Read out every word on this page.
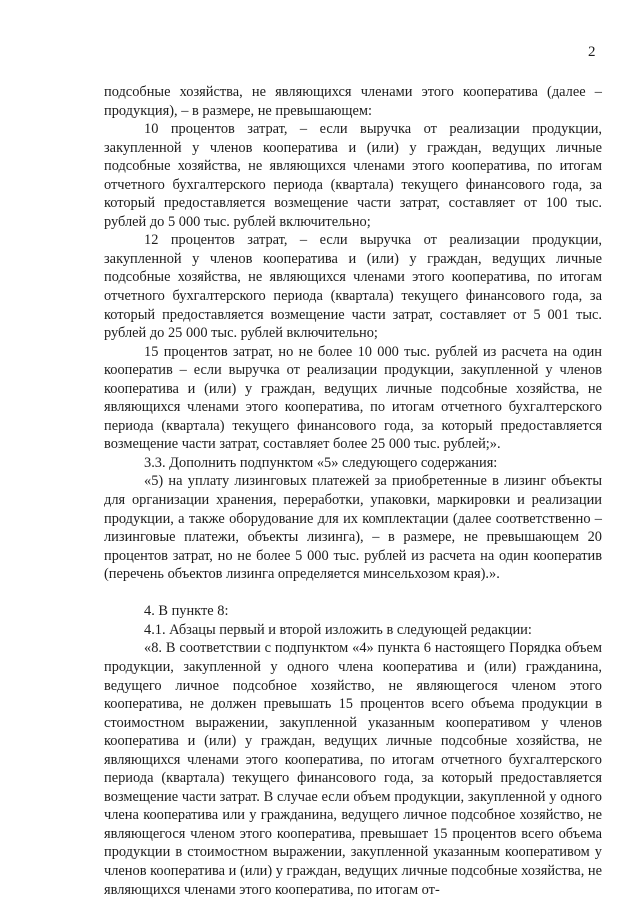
2

подсобные хозяйства, не являющихся членами этого кооператива (далее – продукция), – в размере, не превышающем:

10 процентов затрат, – если выручка от реализации продукции, закупленной у членов кооператива и (или) у граждан, ведущих личные подсобные хозяйства, не являющихся членами этого кооператива, по итогам отчетного бухгалтерского периода (квартала) текущего финансового года, за который предоставляется возмещение части затрат, составляет от 100 тыс. рублей до 5 000 тыс. рублей включительно;

12 процентов затрат, – если выручка от реализации продукции, закупленной у членов кооператива и (или) у граждан, ведущих личные подсобные хозяйства, не являющихся членами этого кооператива, по итогам отчетного бухгалтерского периода (квартала) текущего финансового года, за который предоставляется возмещение части затрат, составляет от 5 001 тыс. рублей до 25 000 тыс. рублей включительно;

15 процентов затрат, но не более 10 000 тыс. рублей из расчета на один кооператив – если выручка от реализации продукции, закупленной у членов кооператива и (или) у граждан, ведущих личные подсобные хозяйства, не являющихся членами этого кооператива, по итогам отчетного бухгалтерского периода (квартала) текущего финансового года, за который предоставляется возмещение части затрат, составляет более 25 000 тыс. рублей;».

3.3. Дополнить подпунктом «5» следующего содержания:

«5) на уплату лизинговых платежей за приобретенные в лизинг объекты для организации хранения, переработки, упаковки, маркировки и реализации продукции, а также оборудование для их комплектации (далее соответственно – лизинговые платежи, объекты лизинга), – в размере, не превышающем 20 процентов затрат, но не более 5 000 тыс. рублей из расчета на один кооператив (перечень объектов лизинга определяется минсельхозом края).».

4. В пункте 8:

4.1. Абзацы первый и второй изложить в следующей редакции:

«8. В соответствии с подпунктом «4» пункта 6 настоящего Порядка объем продукции, закупленной у одного члена кооператива и (или) гражданина, ведущего личное подсобное хозяйство, не являющегося членом этого кооператива, не должен превышать 15 процентов всего объема продукции в стоимостном выражении, закупленной указанным кооперативом у членов кооператива и (или) у граждан, ведущих личные подсобные хозяйства, не являющихся членами этого кооператива, по итогам отчетного бухгалтерского периода (квартала) текущего финансового года, за который предоставляется возмещение части затрат. В случае если объем продукции, закупленной у одного члена кооператива или у гражданина, ведущего личное подсобное хозяйство, не являющегося членом этого кооператива, превышает 15 процентов всего объема продукции в стоимостном выражении, закупленной указанным кооперативом у членов кооператива и (или) у граждан, ведущих личные подсобные хозяйства, не являющихся членами этого кооператива, по итогам от-
